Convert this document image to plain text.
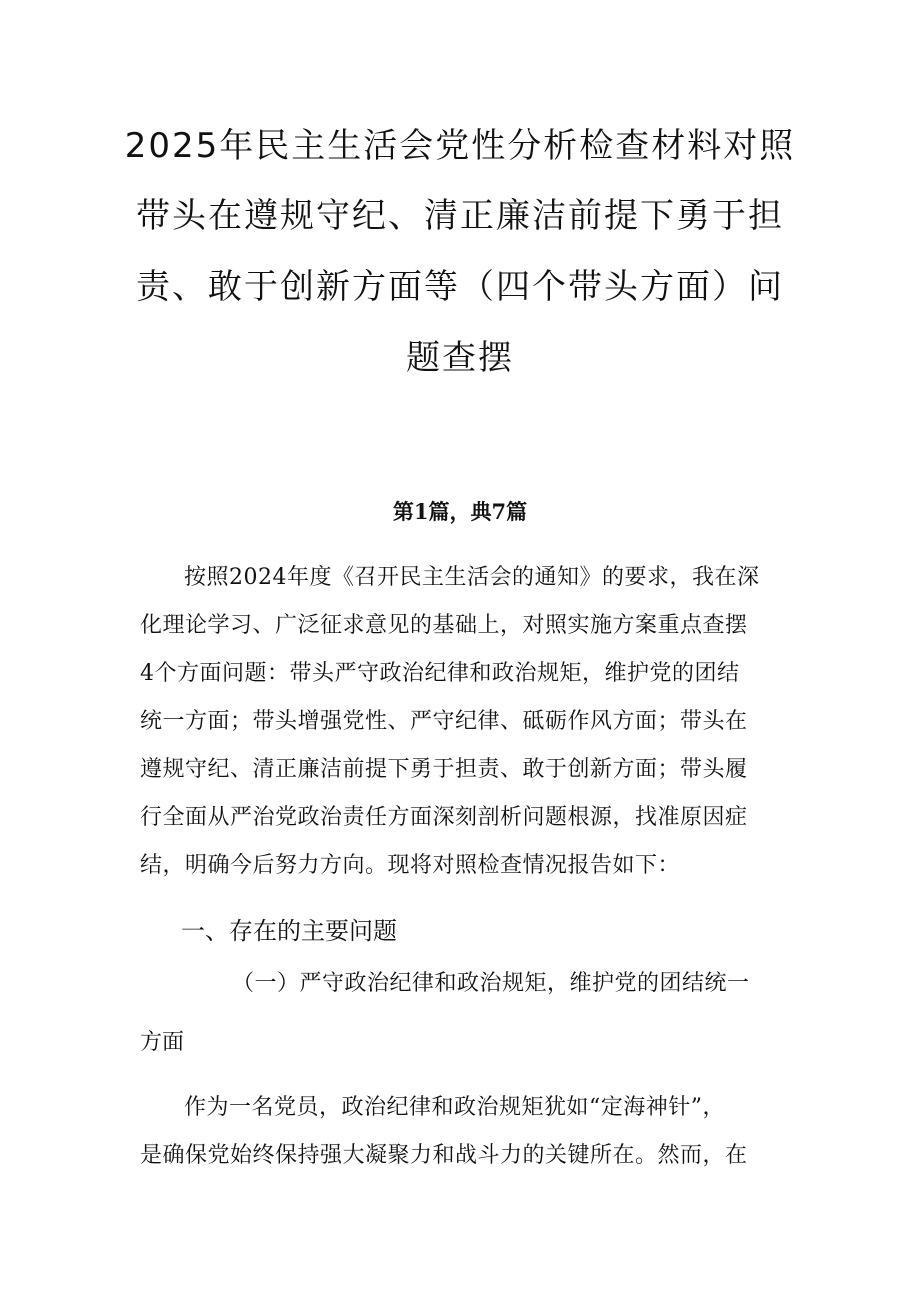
2025年民主生活会党性分析检查材料对照
带头在遵规守纪、清正廉洁前提下勇于担
责、敢于创新方面等（四个带头方面）问
题查摆
第1篇，典7篇
按照2024年度《召开民主生活会的通知》的要求，我在深
化理论学习、广泛征求意见的基础上，对照实施方案重点查摆
4个方面问题：带头严守政治纪律和政治规矩，维护党的团结
统一方面；带头增强党性、严守纪律、砥砺作风方面；带头在
遵规守纪、清正廉洁前提下勇于担责、敢于创新方面；带头履
行全面从严治党政治责任方面深刻剖析问题根源，找准原因症
结，明确今后努力方向。现将对照检查情况报告如下：
一、存在的主要问题
（一）严守政治纪律和政治规矩，维护党的团结统一
方面
作为一名党员，政治纪律和政治规矩犹如“定海神针”，
是确保党始终保持强大凝聚力和战斗力的关键所在。然而，在
